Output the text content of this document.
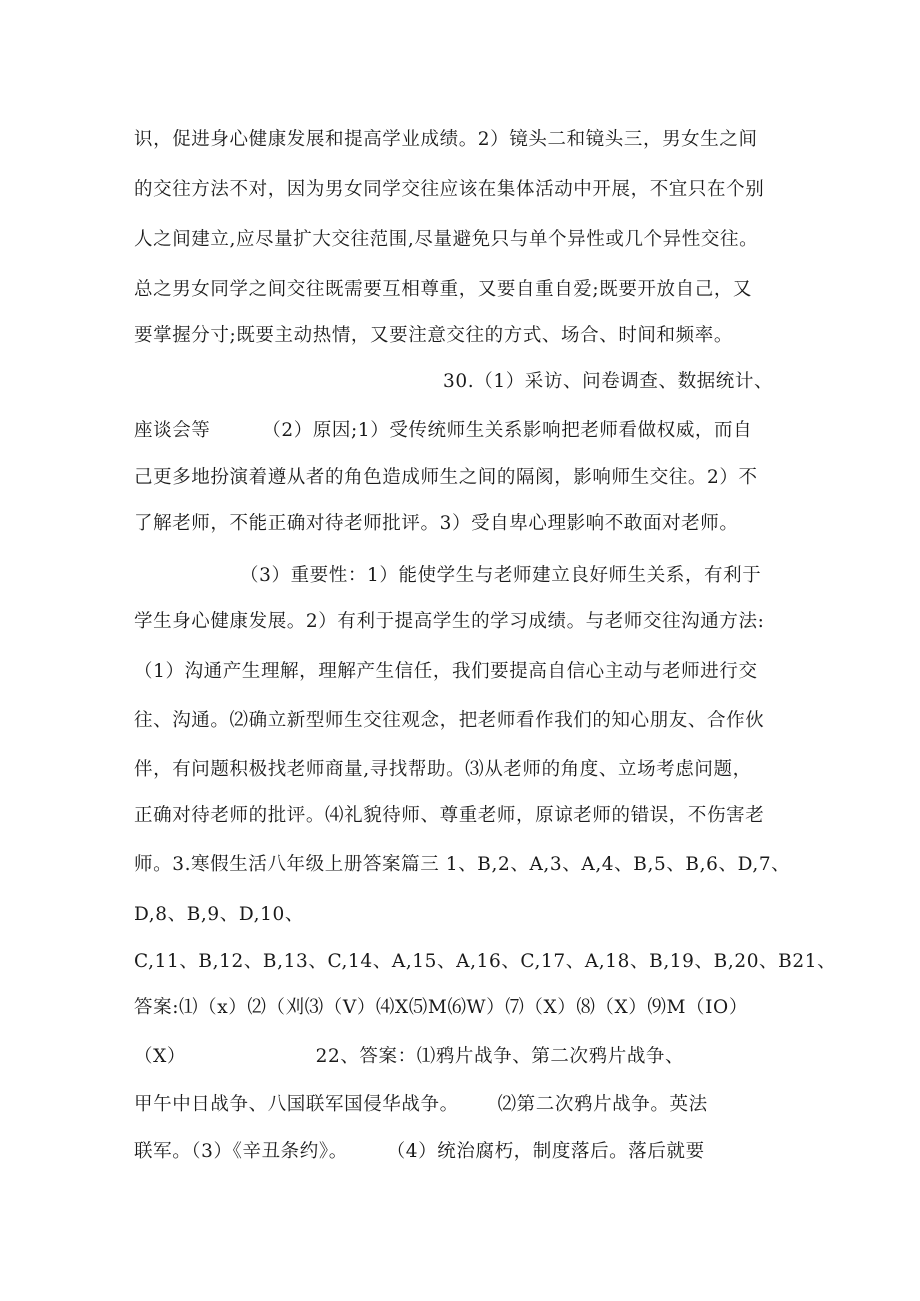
识，促进身心健康发展和提高学业成绩。2）镜头二和镜头三，男女生之间
的交往方法不对，因为男女同学交往应该在集体活动中开展，不宜只在个别
人之间建立,应尽量扩大交往范围,尽量避免只与单个异性或几个异性交往。
总之男女同学之间交往既需要互相尊重，又要自重自爱;既要开放自己，又
要掌握分寸;既要主动热情，又要注意交往的方式、场合、时间和频率。
30.（1）采访、问卷调查、数据统计、
座谈会等        （2）原因;1）受传统师生关系影响把老师看做权威，而自
己更多地扮演着遵从者的角色造成师生之间的隔阂，影响师生交往。2）不
了解老师，不能正确对待老师批评。3）受自卑心理影响不敢面对老师。
（3）重要性：1）能使学生与老师建立良好师生关系，有利于
学生身心健康发展。2）有利于提高学生的学习成绩。与老师交往沟通方法:
（1）沟通产生理解，理解产生信任，我们要提高自信心主动与老师进行交
往、沟通。⑵确立新型师生交往观念，把老师看作我们的知心朋友、合作伙
伴，有问题积极找老师商量,寻找帮助。⑶从老师的角度、立场考虑问题，
正确对待老师的批评。⑷礼貌待师、尊重老师，原谅老师的错误，不伤害老
师。3.寒假生活八年级上册答案篇三 1、B,2、A,3、A,4、B,5、B,6、D,7、
D,8、B,9、D,10、
C,11、B,12、B,13、C,14、A,15、A,16、C,17、A,18、B,19、B,20、B21、
答案:⑴（x）⑵（刈⑶（V）⑷X⑸M⑹W）⑺（X）⑻（X）⑼M（IO）
（X）                    22、答案：⑴鸦片战争、第二次鸦片战争、
甲午中日战争、八国联军国侵华战争。      ⑵第二次鸦片战争。英法
联军。（3）《辛丑条约》。      （4）统治腐朽，制度落后。落后就要
